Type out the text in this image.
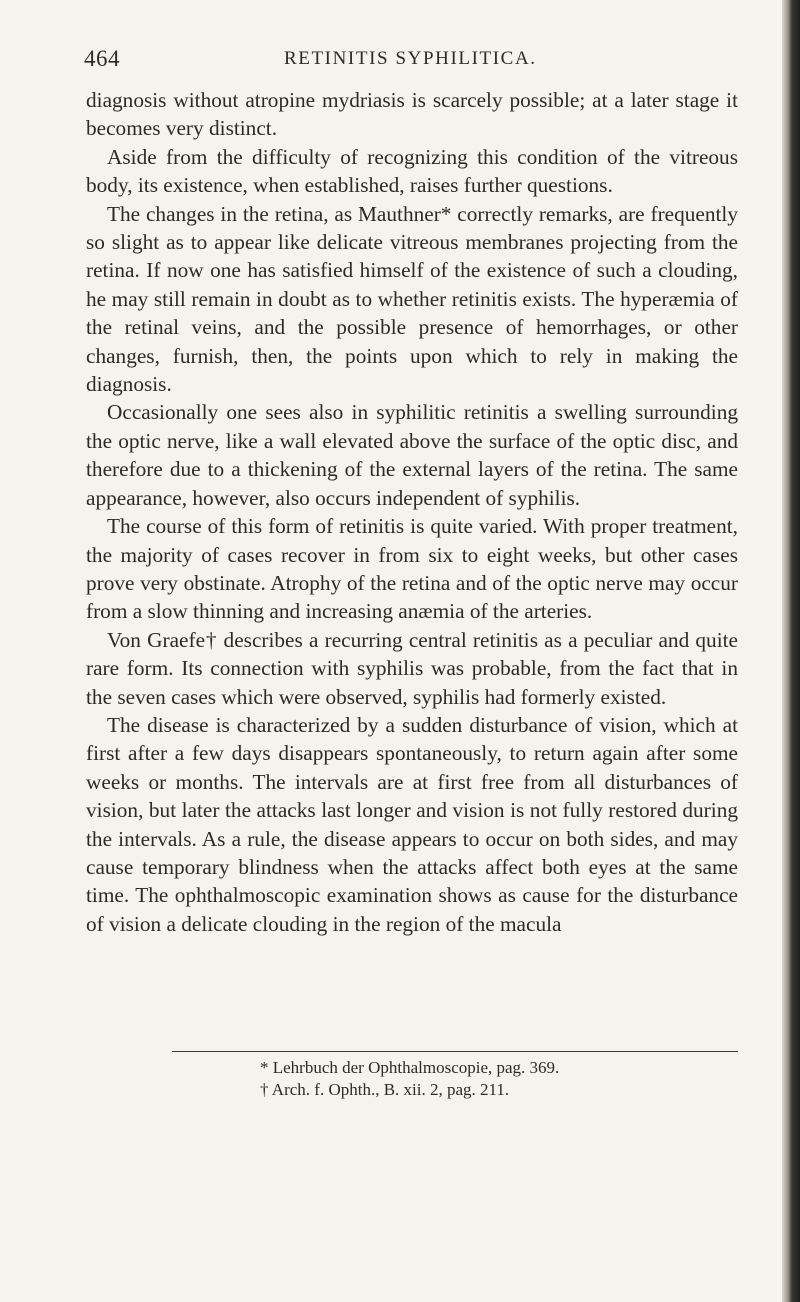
464	RETINITIS SYPHILITICA.

diagnosis without atropine mydriasis is scarcely possible; at a later stage it becomes very distinct.

Aside from the difficulty of recognizing this condition of the vitreous body, its existence, when established, raises further questions.

The changes in the retina, as Mauthner* correctly remarks, are frequently so slight as to appear like delicate vitreous membranes projecting from the retina. If now one has satisfied himself of the existence of such a clouding, he may still remain in doubt as to whether retinitis exists. The hyperæmia of the retinal veins, and the possible presence of hemorrhages, or other changes, furnish, then, the points upon which to rely in making the diagnosis.

Occasionally one sees also in syphilitic retinitis a swelling surrounding the optic nerve, like a wall elevated above the surface of the optic disc, and therefore due to a thickening of the external layers of the retina. The same appearance, however, also occurs independent of syphilis.

The course of this form of retinitis is quite varied. With proper treatment, the majority of cases recover in from six to eight weeks, but other cases prove very obstinate. Atrophy of the retina and of the optic nerve may occur from a slow thinning and increasing anæmia of the arteries.

Von Graefe† describes a recurring central retinitis as a peculiar and quite rare form. Its connection with syphilis was probable, from the fact that in the seven cases which were observed, syphilis had formerly existed.

The disease is characterized by a sudden disturbance of vision, which at first after a few days disappears spontaneously, to return again after some weeks or months. The intervals are at first free from all disturbances of vision, but later the attacks last longer and vision is not fully restored during the intervals. As a rule, the disease appears to occur on both sides, and may cause temporary blindness when the attacks affect both eyes at the same time. The ophthalmoscopic examination shows as cause for the disturbance of vision a delicate clouding in the region of the macula

* Lehrbuch der Ophthalmoscopie, pag. 369.
† Arch. f. Ophth., B. xii. 2, pag. 211.
